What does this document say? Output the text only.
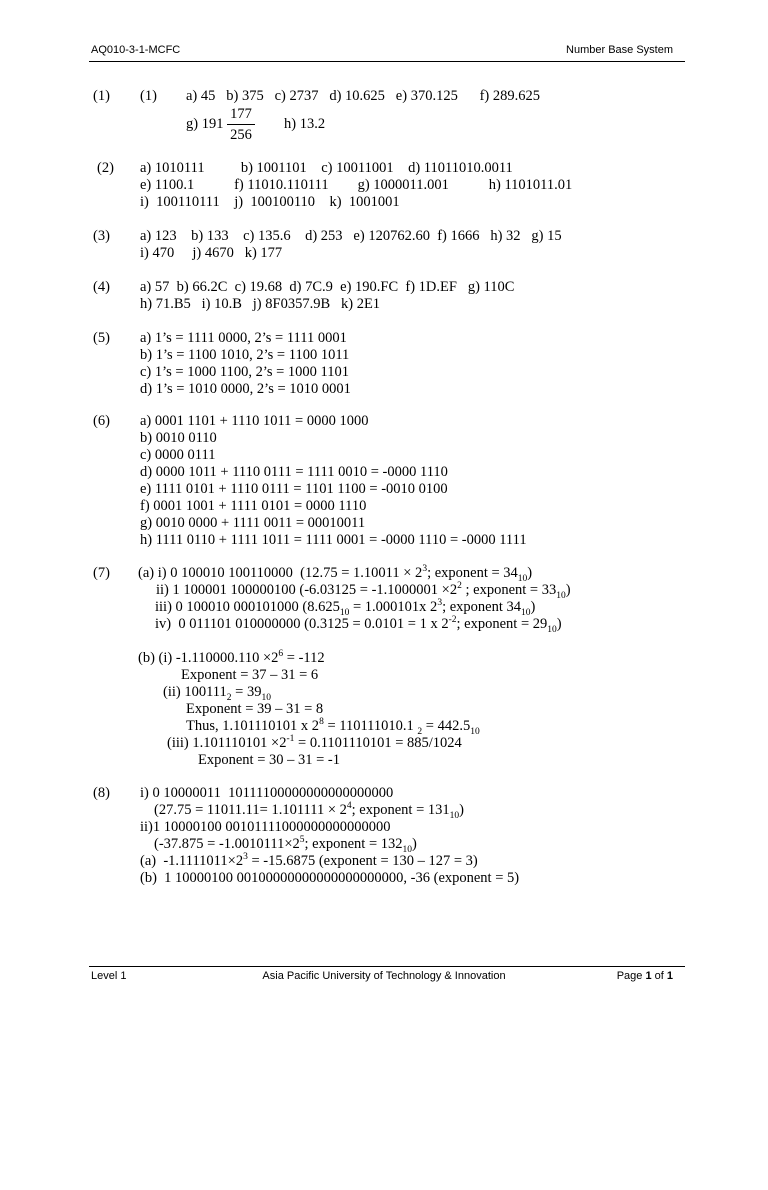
AQ010-3-1-MCFC	Number Base System

(1)

(1)

a) 45   b) 375   c) 2737   d) 10.625   e) 370.125      f) 289.625

g) 191

177

256

h) 13.2

(2)

a) 1010111          b) 1001101    c) 10011001    d) 11011010.0011

e) 1100.1           f) 11010.110111        g) 1000011.001           h) 1101011.01

i)  100110111    j)  100100110    k)  1001001

(3)

a) 123    b) 133    c) 135.6    d) 253   e) 120762.60  f) 1666   h) 32   g) 15

i) 470     j) 4670   k) 177

(4)

a) 57  b) 66.2C  c) 19.68  d) 7C.9  e) 190.FC  f) 1D.EF   g) 110C

h) 71.B5   i) 10.B   j) 8F0357.9B   k) 2E1

(5)

a) 1’s = 1111 0000, 2’s = 1111 0001

b) 1’s = 1100 1010, 2’s = 1100 1011

c) 1’s = 1000 1100, 2’s = 1000 1101

d) 1’s = 1010 0000, 2’s = 1010 0001

(6)

a) 0001 1101 + 1110 1011 = 0000 1000

b) 0010 0110

c) 0000 0111

d) 0000 1011 + 1110 0111 = 1111 0010 = -0000 1110

e) 1111 0101 + 1110 0111 = 1101 1100 = -0010 0100

f) 0001 1001 + 1111 0101 = 0000 1110

g) 0010 0000 + 1111 0011 = 00010011

h) 1111 0110 + 1111 1011 = 1111 0001 = -0000 1110 = -0000 1111

(7)

(a) i) 0 100010 100110000  ($12.75 = 1.10011 \times 2^3$; exponent = $34_{10}$)

ii) 1 100001 100000100 ($-6.03125 = -1.1000001 \times 2^2$ ; exponent = $33_{10}$)

iii) 0 100010 000101000 ($8.625_{10} = 1.000101x$ $2^3$; exponent $34_{10}$)

iv)  0 011101 010000000 (0.3125 = 0.0101 = 1 x $2^{-2}$; exponent = $29_{10}$)

(b) (i) $-1.110000.110 \times 2^6 = -112$

Exponent = 37 – 31 = 6

(ii) $100111_2 = 39_{10}$

Exponent = 39 – 31 = 8

Thus, 1.101110101 x $2^8 = 110111010.1$ $_2 = 442.5_{10}$

(iii) $1.101110101 \times 2^{-1} = 0.1101110101 = 885/1024$

Exponent = 30 – 31 = -1

(8)

i) 0 10000011  10111100000000000000000

($27.75 = 11011.11= 1.101111 \times 2^4$; exponent = $131_{10}$)

ii)1 10000100 00101111000000000000000

($-37.875 = -1.0010111\times 2^5$; exponent = $132_{10}$)

(a)  $-1.1111011\times 2^3 = -15.6875$ (exponent = 130 – 127 = 3)

(b)  1 10000100 00100000000000000000000, -36 (exponent = 5)

Level 1	Asia Pacific University of Technology & Innovation	Page 1 of 1
